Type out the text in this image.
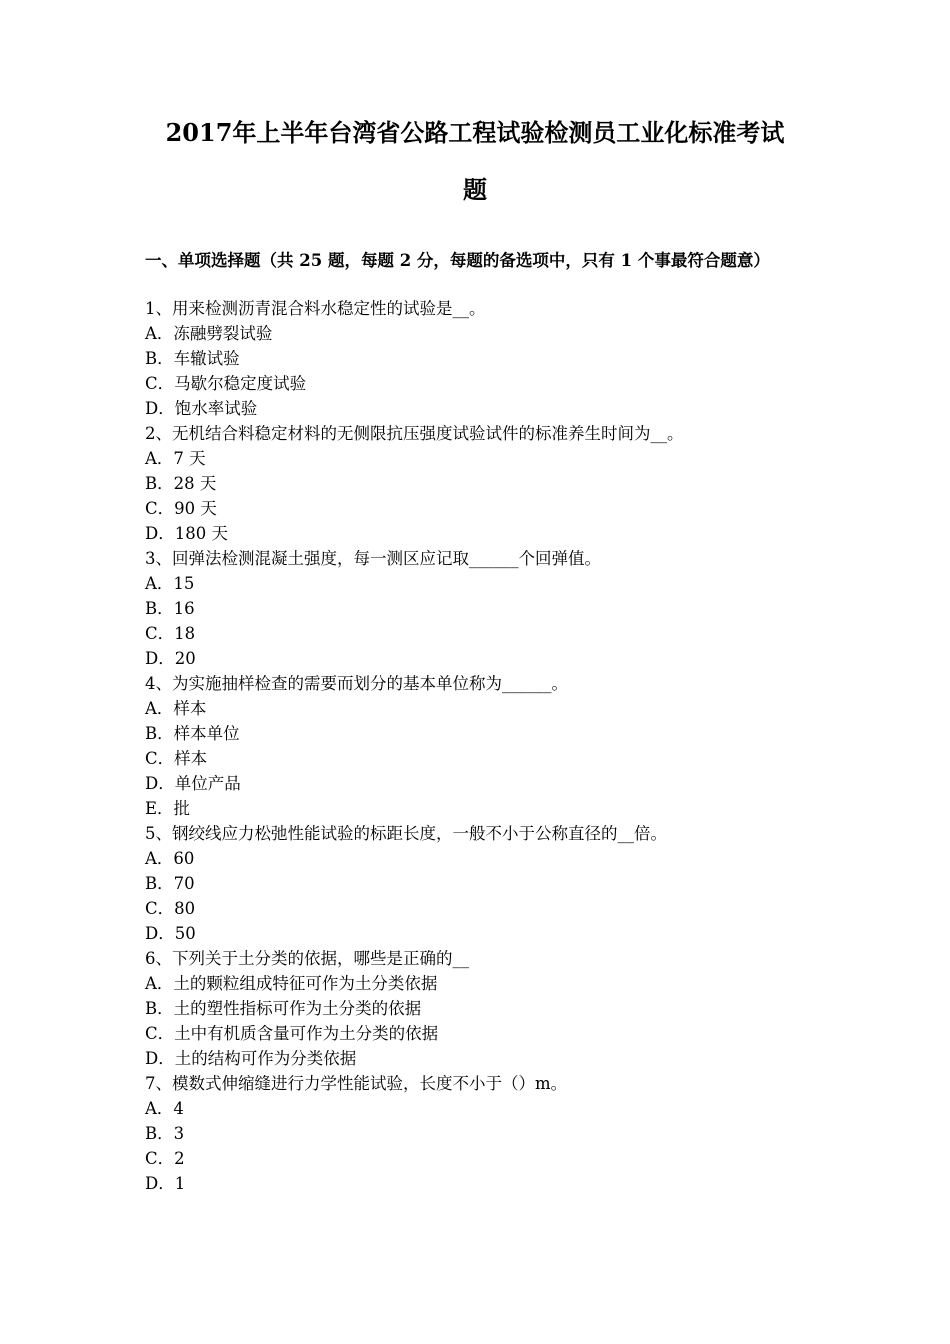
2017年上半年台湾省公路工程试验检测员工业化标准考试
题

一、单项选择题（共 25 题，每题 2 分，每题的备选项中，只有 1 个事最符合题意）

1、用来检测沥青混合料水稳定性的试验是__。
A．冻融劈裂试验
B．车辙试验
C．马歇尔稳定度试验
D．饱水率试验
2、无机结合料稳定材料的无侧限抗压强度试验试件的标准养生时间为__。
A．7 天
B．28 天
C．90 天
D．180 天
3、回弹法检测混凝土强度，每一测区应记取______个回弹值。
A．15
B．16
C．18
D．20
4、为实施抽样检查的需要而划分的基本单位称为______。
A．样本
B．样本单位
C．样本
D．单位产品
E．批
5、钢绞线应力松弛性能试验的标距长度，一般不小于公称直径的__倍。
A．60
B．70
C．80
D．50
6、下列关于土分类的依据，哪些是正确的__
A．土的颗粒组成特征可作为土分类依据
B．土的塑性指标可作为土分类的依据
C．土中有机质含量可作为土分类的依据
D．土的结构可作为分类依据
7、模数式伸缩缝进行力学性能试验，长度不小于（）m。
A．4
B．3
C．2
D．1
